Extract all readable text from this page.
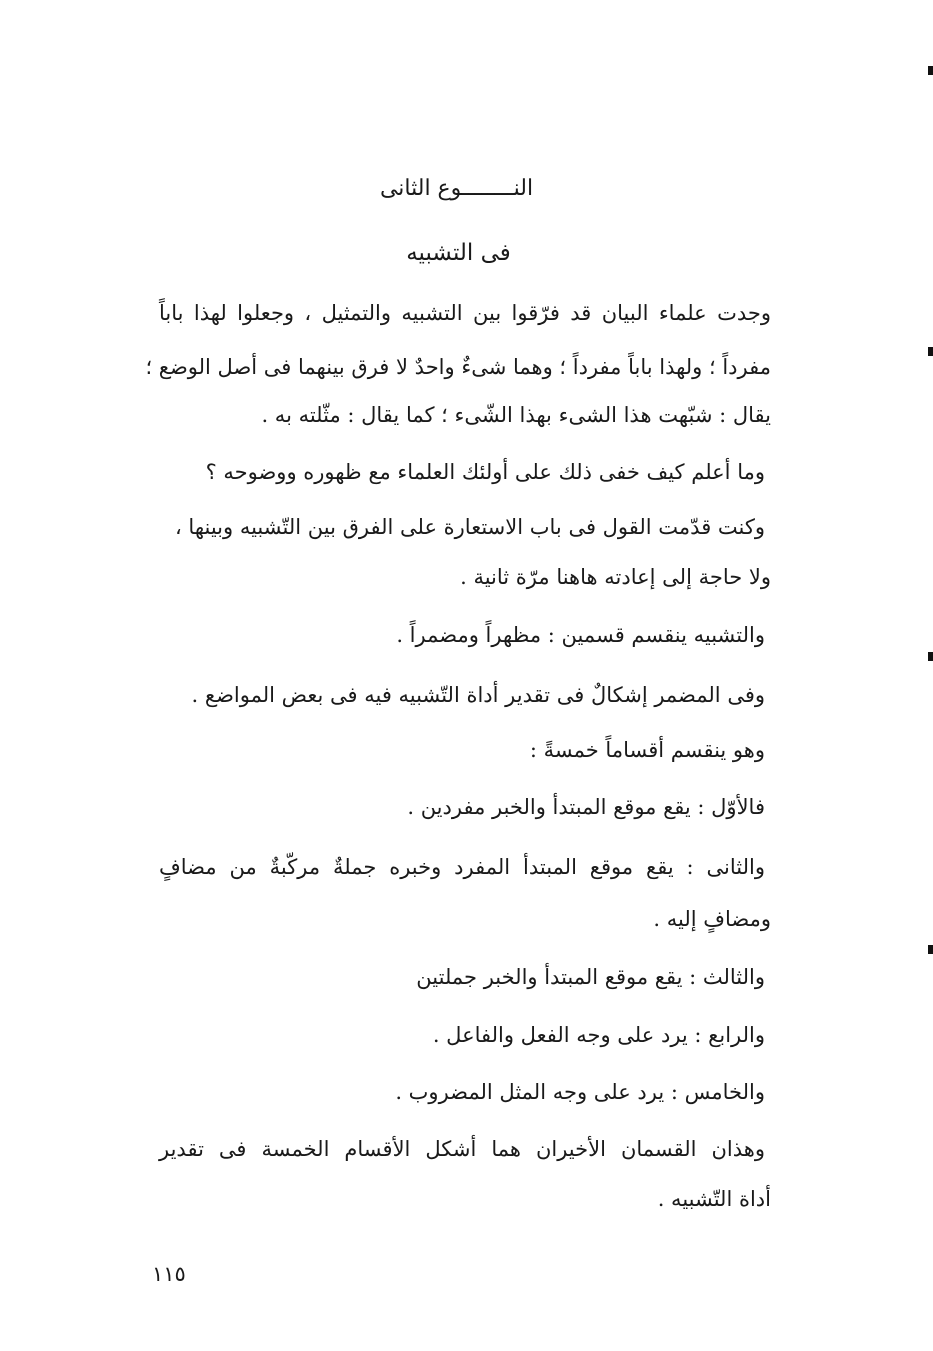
النــــــــوع الثانى
فى التشبيه
وجدت علماء البيان قد فرّقوا بين التشبيه والتمثيل ، وجعلوا لهذا باباً
مفرداً ؛ ولهذا باباً مفرداً ؛ وهما شىءٌ واحدٌ لا فرق بينهما فى أصل الوضع ؛
يقال : شبّهت هذا الشىء بهذا الشّىء ؛ كما يقال : مثّلته به .
وما أعلم كيف خفى ذلك على أولئك العلماء مع ظهوره ووضوحه ؟
وكنت قدّمت القول فى باب الاستعارة على الفرق بين التّشبيه وبينها ،
ولا حاجة إلى إعادته هاهنا مرّة ثانية .
والتشبيه ينقسم قسمين : مظهراً ومضمراً .
وفى المضمر إشكالٌ فى تقدير أداة التّشبيه فيه فى بعض المواضع .
وهو ينقسم أقساماً خمسةً :
فالأوّل : يقع موقع المبتدأ والخبر مفردين .
والثانى : يقع موقع المبتدأ المفرد وخبره جملةٌ مركّبةٌ من مضافٍ
ومضافٍ إليه .
والثالث : يقع موقع المبتدأ والخبر جملتين
والرابع : يرد على وجه الفعل والفاعل .
والخامس : يرد على وجه المثل المضروب .
وهذان القسمان الأخيران هما أشكل الأقسام الخمسة فى تقدير
أداة التّشبيه .
١١٥
